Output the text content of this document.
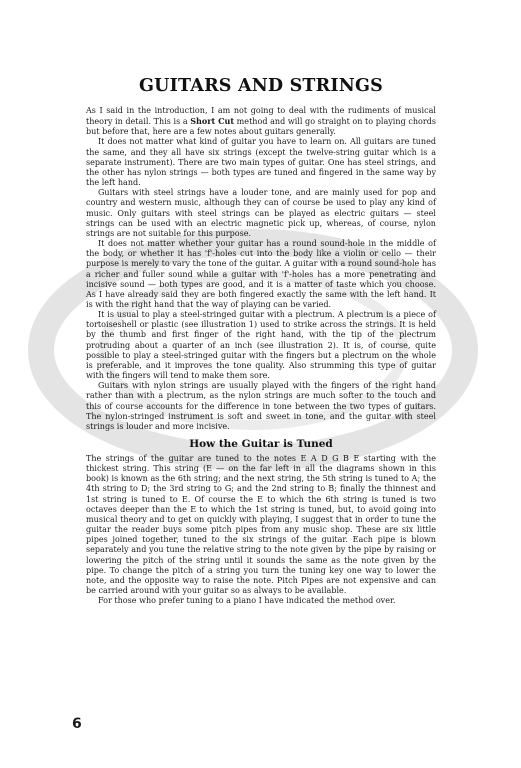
GUITARS AND STRINGS

As I said in the introduction, I am not going to deal with the rudiments of musical theory in detail. This is a Short Cut method and will go straight on to playing chords but before that, here are a few notes about guitars generally.

It does not matter what kind of guitar you have to learn on. All guitars are tuned the same, and they all have six strings (except the twelve-string guitar which is a separate instrument). There are two main types of guitar. One has steel strings, and the other has nylon strings — both types are tuned and fingered in the same way by the left hand.

Guitars with steel strings have a louder tone, and are mainly used for pop and country and western music, although they can of course be used to play any kind of music. Only guitars with steel strings can be played as electric guitars — steel strings can be used with an electric magnetic pick up, whereas, of course, nylon strings are not suitable for this purpose.

It does not matter whether your guitar has a round sound-hole in the middle of the body, or whether it has 'f'-holes cut into the body like a violin or cello — their purpose is merely to vary the tone of the guitar. A guitar with a round sound-hole has a richer and fuller sound while a guitar with 'f'-holes has a more penetrating and incisive sound — both types are good, and it is a matter of taste which you choose. As I have already said they are both fingered exactly the same with the left hand. It is with the right hand that the way of playing can be varied.

It is usual to play a steel-stringed guitar with a plectrum. A plectrum is a piece of tortoiseshell or plastic (see illustration 1) used to strike across the strings. It is held by the thumb and first finger of the right hand, with the tip of the plectrum protruding about a quarter of an inch (see illustration 2). It is, of course, quite possible to play a steel-stringed guitar with the fingers but a plectrum on the whole is preferable, and it improves the tone quality. Also strumming this type of guitar with the fingers will tend to make them sore.

Guitars with nylon strings are usually played with the fingers of the right hand rather than with a plectrum, as the nylon strings are much softer to the touch and this of course accounts for the difference in tone between the two types of guitars. The nylon-stringed instrument is soft and sweet in tone, and the guitar with steel strings is louder and more incisive.

How the Guitar is Tuned

The strings of the guitar are tuned to the notes E A D G B E starting with the thickest string. This string (E — on the far left in all the diagrams shown in this book) is known as the 6th string; and the next string, the 5th string is tuned to A; the 4th string to D; the 3rd string to G; and the 2nd string to B; finally the thinnest and 1st string is tuned to E. Of course the E to which the 6th string is tuned is two octaves deeper than the E to which the 1st string is tuned, but, to avoid going into musical theory and to get on quickly with playing, I suggest that in order to tune the guitar the reader buys some pitch pipes from any music shop. These are six little pipes joined together, tuned to the six strings of the guitar. Each pipe is blown separately and you tune the relative string to the note given by the pipe by raising or lowering the pitch of the string until it sounds the same as the note given by the pipe. To change the pitch of a string you turn the tuning key one way to lower the note, and the opposite way to raise the note. Pitch Pipes are not expensive and can be carried around with your guitar so as always to be available.

For those who prefer tuning to a piano I have indicated the method over.

6
